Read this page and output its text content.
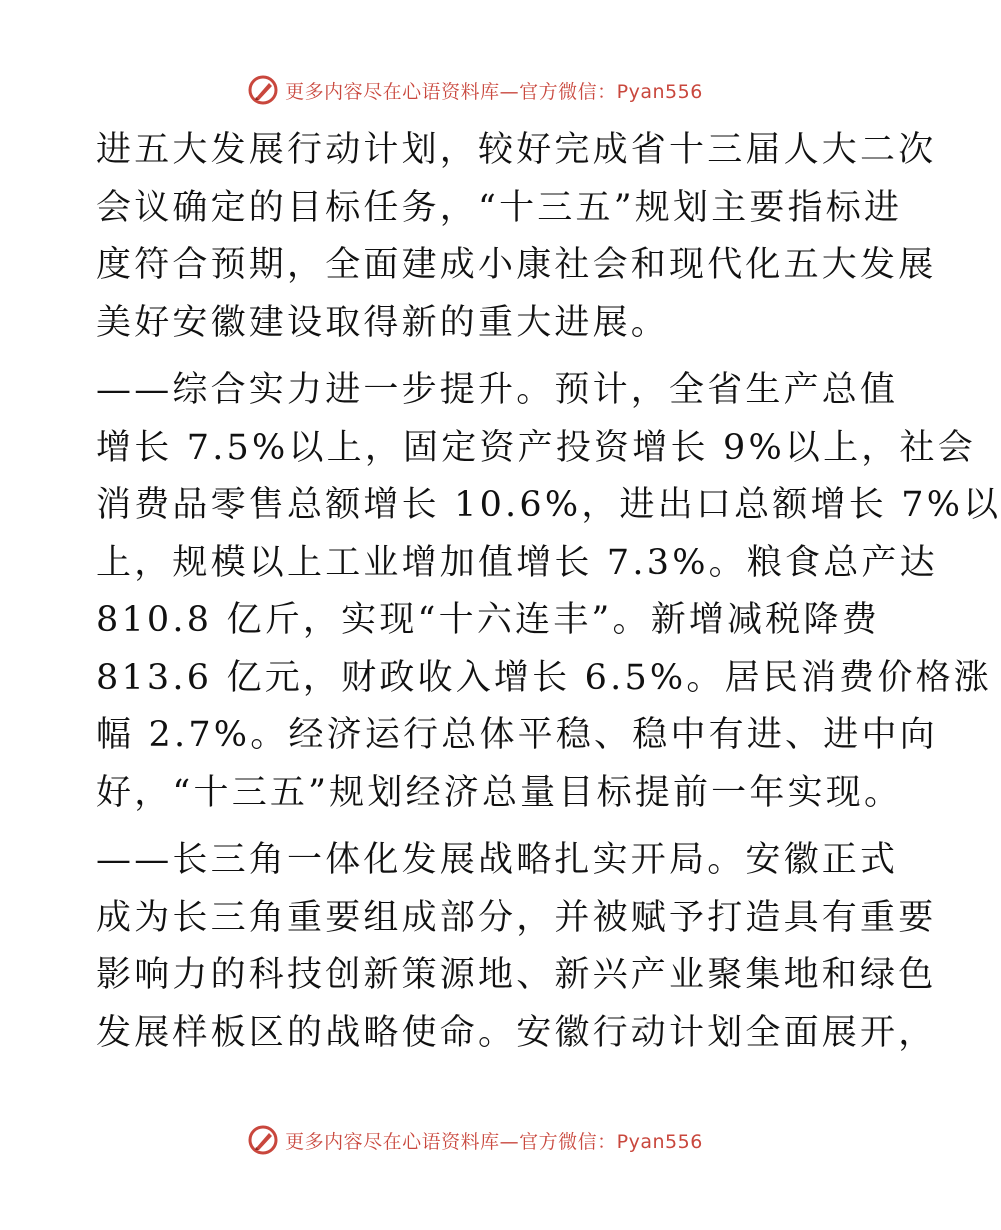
更多内容尽在心语资料库—官方微信：Pyan556
进五大发展行动计划，较好完成省十三届人大二次
会议确定的目标任务，“十三五”规划主要指标进
度符合预期，全面建成小康社会和现代化五大发展
美好安徽建设取得新的重大进展。
——综合实力进一步提升。预计，全省生产总值
增长 7.5%以上，固定资产投资增长 9%以上，社会
消费品零售总额增长 10.6%，进出口总额增长 7%以
上，规模以上工业增加值增长 7.3%。粮食总产达
810.8 亿斤，实现“十六连丰”。新增减税降费
813.6 亿元，财政收入增长 6.5%。居民消费价格涨
幅 2.7%。经济运行总体平稳、稳中有进、进中向
好，“十三五”规划经济总量目标提前一年实现。
——长三角一体化发展战略扎实开局。安徽正式
成为长三角重要组成部分，并被赋予打造具有重要
影响力的科技创新策源地、新兴产业聚集地和绿色
发展样板区的战略使命。安徽行动计划全面展开，
更多内容尽在心语资料库—官方微信：Pyan556
